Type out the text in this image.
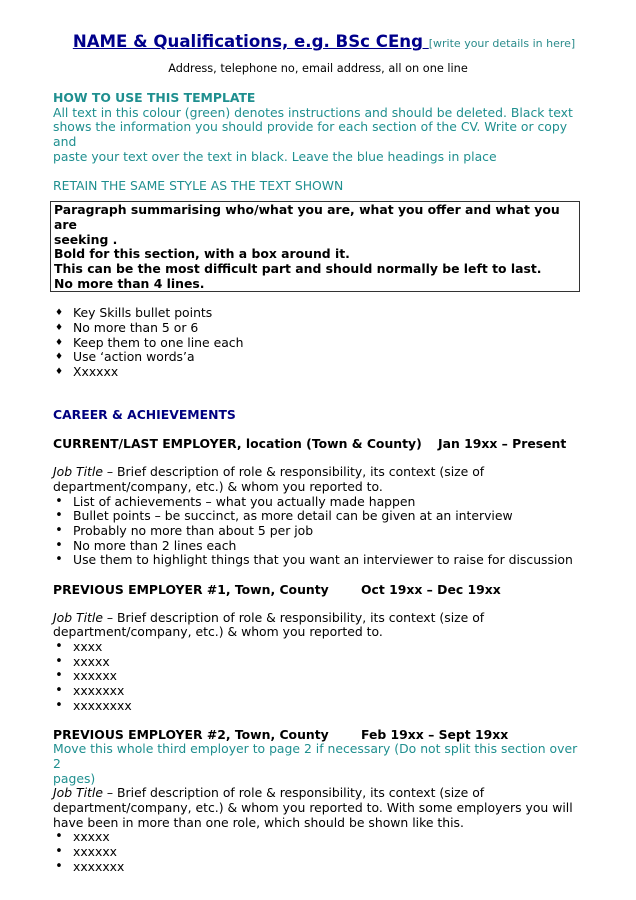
NAME & Qualifications, e.g. BSc CEng [write your details in here]
Address, telephone no, email address, all on one line
HOW TO USE THIS TEMPLATE
All text in this colour (green) denotes instructions and should be deleted. Black text
shows the information you should provide for each section of the CV. Write or copy and
paste your text over the text in black. Leave the blue headings in place
RETAIN THE SAME STYLE AS THE TEXT SHOWN
Paragraph summarising who/what you are, what you offer and what you are
seeking .
Bold for this section, with a box around it.
This can be the most difficult part and should normally be left to last.
No more than 4 lines.
♦ Key Skills bullet points
♦ No more than 5 or 6
♦ Keep them to one line each
♦ Use ‘action words’a
♦ Xxxxxx
CAREER & ACHIEVEMENTS
CURRENT/LAST EMPLOYER, location (Town & County)	Jan 19xx – Present
Job Title – Brief description of role & responsibility, its context (size of
department/company, etc.) & whom you reported to.
• List of achievements – what you actually made happen
• Bullet points – be succinct, as more detail can be given at an interview
• Probably no more than about 5 per job
• No more than 2 lines each
• Use them to highlight things that you want an interviewer to raise for discussion
PREVIOUS EMPLOYER #1, Town, County	Oct 19xx – Dec 19xx
Job Title – Brief description of role & responsibility, its context (size of
department/company, etc.) & whom you reported to.
• xxxx
• xxxxx
• xxxxxx
• xxxxxxx
• xxxxxxxx
PREVIOUS EMPLOYER #2, Town, County	Feb 19xx – Sept 19xx
Move this whole third employer to page 2 if necessary (Do not split this section over 2
pages)
Job Title – Brief description of role & responsibility, its context (size of
department/company, etc.) & whom you reported to. With some employers you will
have been in more than one role, which should be shown like this.
• xxxxx
• xxxxxx
• xxxxxxx
